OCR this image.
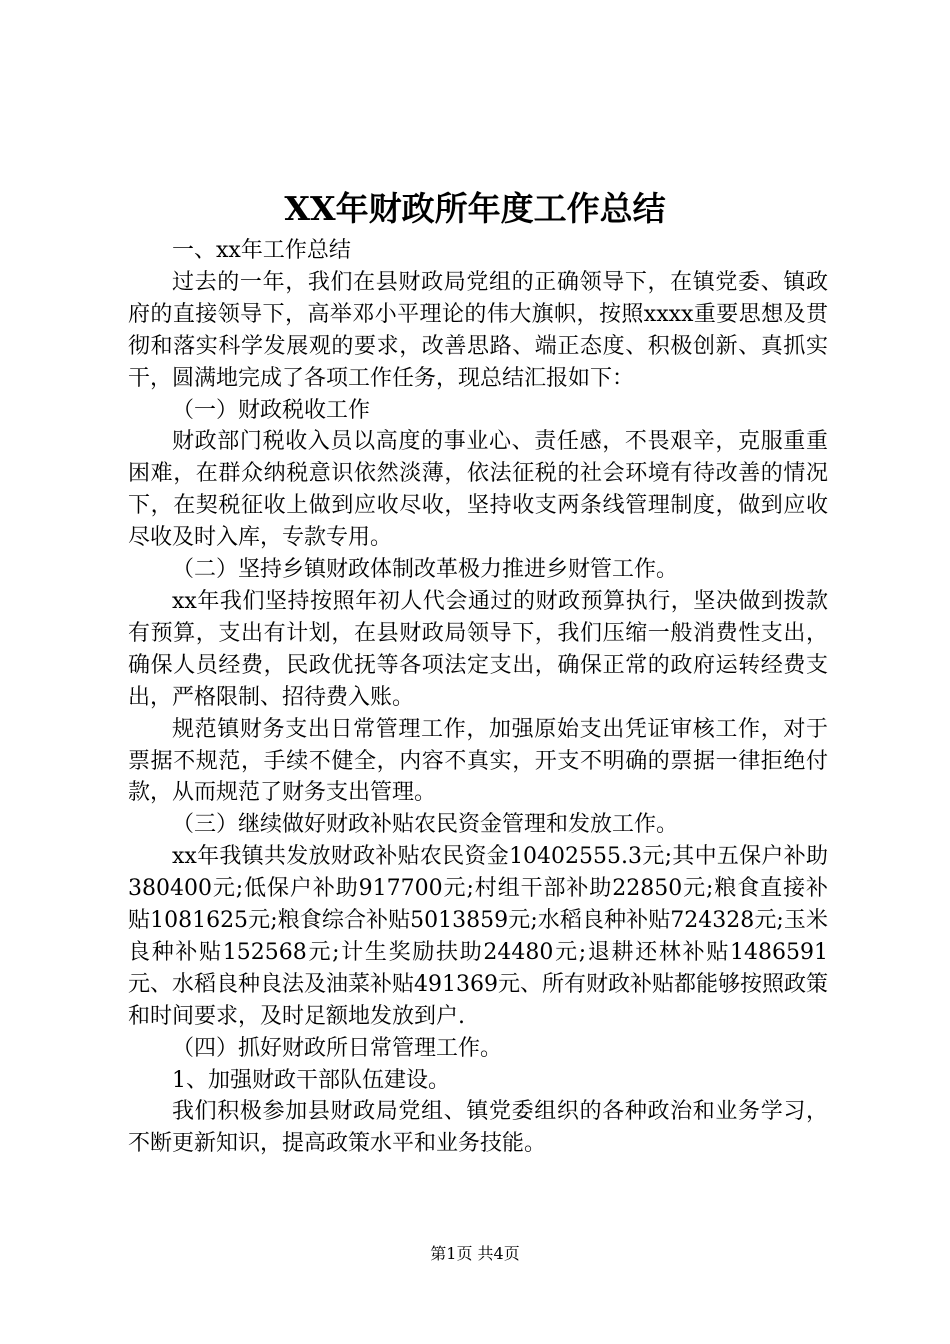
XX年财政所年度工作总结

一、xx年工作总结

过去的一年，我们在县财政局党组的正确领导下，在镇党委、镇政府的直接领导下，高举邓小平理论的伟大旗帜，按照xxxx重要思想及贯彻和落实科学发展观的要求，改善思路、端正态度、积极创新、真抓实干，圆满地完成了各项工作任务，现总结汇报如下：

（一）财政税收工作

财政部门税收入员以高度的事业心、责任感，不畏艰辛，克服重重困难，在群众纳税意识依然淡薄，依法征税的社会环境有待改善的情况下，在契税征收上做到应收尽收，坚持收支两条线管理制度，做到应收尽收及时入库，专款专用。

（二）坚持乡镇财政体制改革极力推进乡财管工作。

xx年我们坚持按照年初人代会通过的财政预算执行，坚决做到拨款有预算，支出有计划，在县财政局领导下，我们压缩一般消费性支出，确保人员经费，民政优抚等各项法定支出，确保正常的政府运转经费支出，严格限制、招待费入账。

规范镇财务支出日常管理工作，加强原始支出凭证审核工作，对于票据不规范，手续不健全，内容不真实，开支不明确的票据一律拒绝付款，从而规范了财务支出管理。

（三）继续做好财政补贴农民资金管理和发放工作。

xx年我镇共发放财政补贴农民资金10402555.3元;其中五保户补助380400元;低保户补助917700元;村组干部补助22850元;粮食直接补贴1081625元;粮食综合补贴5013859元;水稻良种补贴724328元;玉米良种补贴152568元;计生奖励扶助24480元;退耕还林补贴1486591元、水稻良种良法及油菜补贴491369元、所有财政补贴都能够按照政策和时间要求，及时足额地发放到户.

（四）抓好财政所日常管理工作。

1、加强财政干部队伍建设。

我们积极参加县财政局党组、镇党委组织的各种政治和业务学习，不断更新知识，提高政策水平和业务技能。

第1页 共4页
